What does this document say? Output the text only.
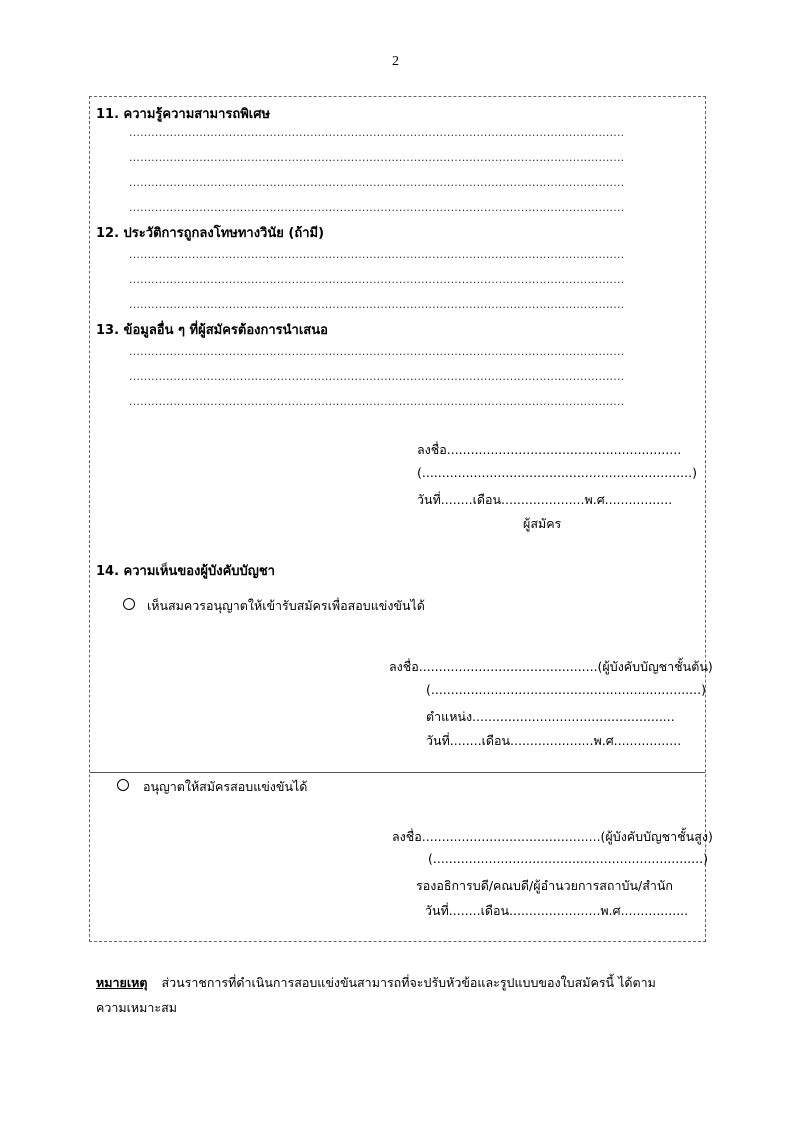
2
11. ความรู้ความสามารถพิเศษ
......................................................................................................................................
......................................................................................................................................
......................................................................................................................................
......................................................................................................................................
12. ประวัติการถูกลงโทษทางวินัย (ถ้ามี)
......................................................................................................................................
......................................................................................................................................
......................................................................................................................................
13. ข้อมูลอื่น ๆ ที่ผู้สมัครต้องการนำเสนอ
......................................................................................................................................
......................................................................................................................................
......................................................................................................................................
ลงชื่อ...........................................................
(....................................................................)
วันที่........เดือน.....................พ.ศ.................
ผู้สมัคร
14. ความเห็นของผู้บังคับบัญชา
เห็นสมควรอนุญาตให้เข้ารับสมัครเพื่อสอบแข่งขันได้
ลงชื่อ.............................................(ผู้บังคับบัญชาชั้นต้น)
(....................................................................)
ตำแหน่ง...................................................
วันที่........เดือน.....................พ.ศ.................
อนุญาตให้สมัครสอบแข่งขันได้
ลงชื่อ.............................................(ผู้บังคับบัญชาชั้นสูง)
(....................................................................)
รองอธิการบดี/คณบดี/ผู้อำนวยการสถาบัน/สำนัก
วันที่........เดือน.......................พ.ศ.................
หมายเหตุ ส่วนราชการที่ดำเนินการสอบแข่งขันสามารถที่จะปรับหัวข้อและรูปแบบของใบสมัครนี้ ได้ตาม
ความเหมาะสม
